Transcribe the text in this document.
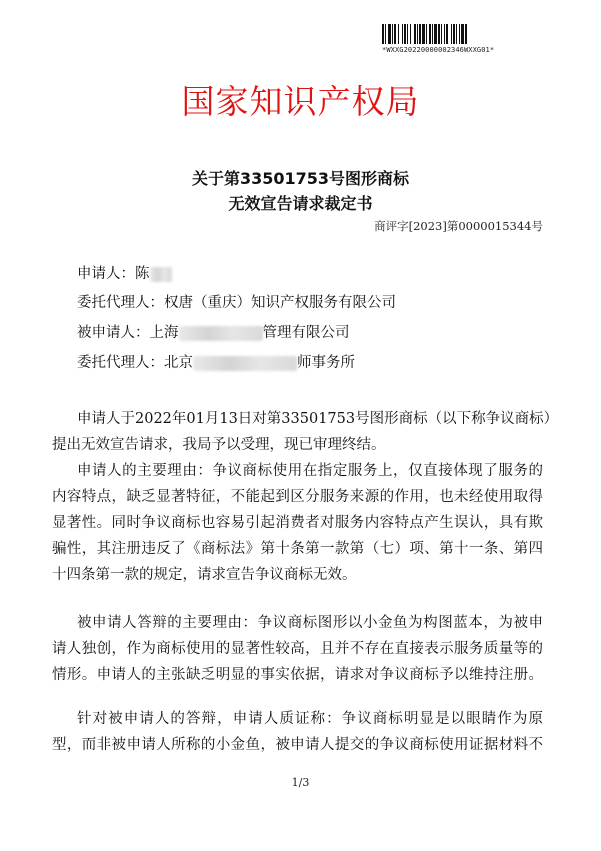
*WXXG20220000002346WXXG01*
国家知识产权局
关于第33501753号图形商标
无效宣告请求裁定书
商评字[2023]第0000015344号
申请人：陈
委托代理人：权唐（重庆）知识产权服务有限公司
被申请人：上海	管理有限公司
委托代理人：北京	师事务所
申请人于2022年01月13日对第33501753号图形商标（以下称争议商标）
提出无效宣告请求，我局予以受理，现已审理终结。
申请人的主要理由：争议商标使用在指定服务上，仅直接体现了服务的
内容特点，缺乏显著特征，不能起到区分服务来源的作用，也未经使用取得
显著性。同时争议商标也容易引起消费者对服务内容特点产生误认，具有欺
骗性，其注册违反了《商标法》第十条第一款第（七）项、第十一条、第四
十四条第一款的规定，请求宣告争议商标无效。
被申请人答辩的主要理由：争议商标图形以小金鱼为构图蓝本，为被申
请人独创，作为商标使用的显著性较高，且并不存在直接表示服务质量等的
情形。申请人的主张缺乏明显的事实依据，请求对争议商标予以维持注册。
针对被申请人的答辩，申请人质证称：争议商标明显是以眼睛作为原
型，而非被申请人所称的小金鱼，被申请人提交的争议商标使用证据材料不
1/3
